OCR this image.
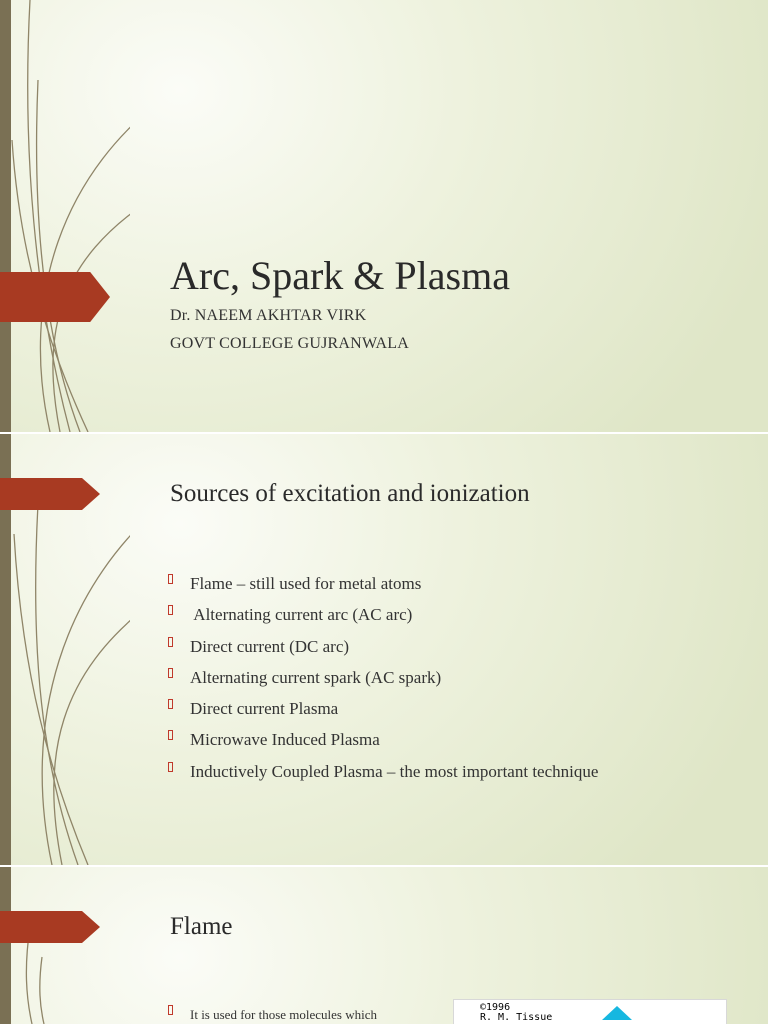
Arc, Spark & Plasma
Dr. NAEEM AKHTAR VIRK
GOVT COLLEGE GUJRANWALA
Sources of excitation and ionization
Flame – still used for metal atoms
Alternating current arc (AC arc)
Direct current (DC arc)
Alternating current spark (AC spark)
Direct current Plasma
Microwave Induced Plasma
Inductively Coupled Plasma – the most important technique
Flame
It is used for those molecules which	©1996
R. M. Tissue
